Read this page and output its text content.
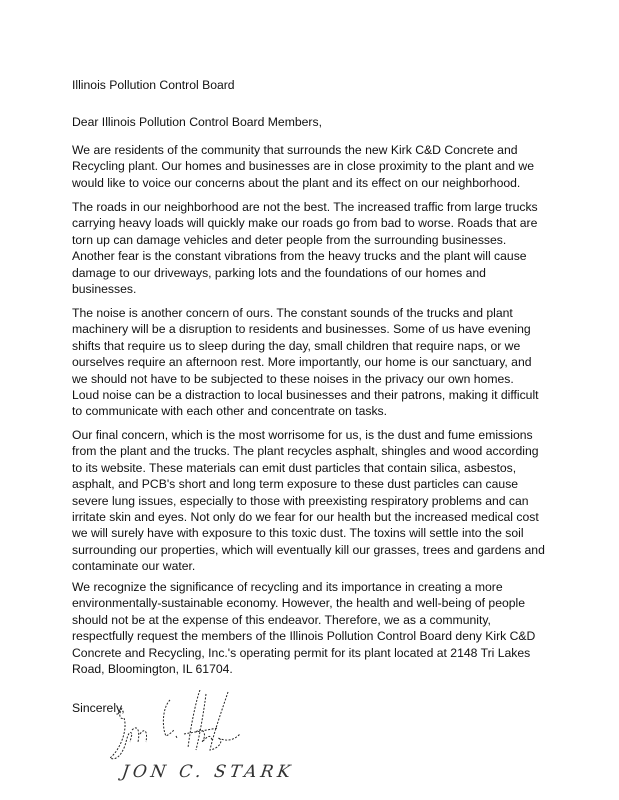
Illinois Pollution Control Board
Dear Illinois Pollution Control Board Members,
We are residents of the community that surrounds the new Kirk C&D Concrete and
Recycling plant. Our homes and businesses are in close proximity to the plant and we
would like to voice our concerns about the plant and its effect on our neighborhood.
The roads in our neighborhood are not the best. The increased traffic from large trucks
carrying heavy loads will quickly make our roads go from bad to worse. Roads that are
torn up can damage vehicles and deter people from the surrounding businesses.
Another fear is the constant vibrations from the heavy trucks and the plant will cause
damage to our driveways, parking lots and the foundations of our homes and
businesses.
The noise is another concern of ours. The constant sounds of the trucks and plant
machinery will be a disruption to residents and businesses. Some of us have evening
shifts that require us to sleep during the day, small children that require naps, or we
ourselves require an afternoon rest. More importantly, our home is our sanctuary, and
we should not have to be subjected to these noises in the privacy our own homes.
Loud noise can be a distraction to local businesses and their patrons, making it difficult
to communicate with each other and concentrate on tasks.
Our final concern, which is the most worrisome for us, is the dust and fume emissions
from the plant and the trucks. The plant recycles asphalt, shingles and wood according
to its website. These materials can emit dust particles that contain silica, asbestos,
asphalt, and PCB's short and long term exposure to these dust particles can cause
severe lung issues, especially to those with preexisting respiratory problems and can
irritate skin and eyes. Not only do we fear for our health but the increased medical cost
we will surely have with exposure to this toxic dust. The toxins will settle into the soil
surrounding our properties, which will eventually kill our grasses, trees and gardens and
contaminate our water.
We recognize the significance of recycling and its importance in creating a more
environmentally-sustainable economy. However, the health and well-being of people
should not be at the expense of this endeavor. Therefore, we as a community,
respectfully request the members of the Illinois Pollution Control Board deny Kirk C&D
Concrete and Recycling, Inc.'s operating permit for its plant located at 2148 Tri Lakes
Road, Bloomington, IL 61704.
Sincerely,
JON C. STARK
